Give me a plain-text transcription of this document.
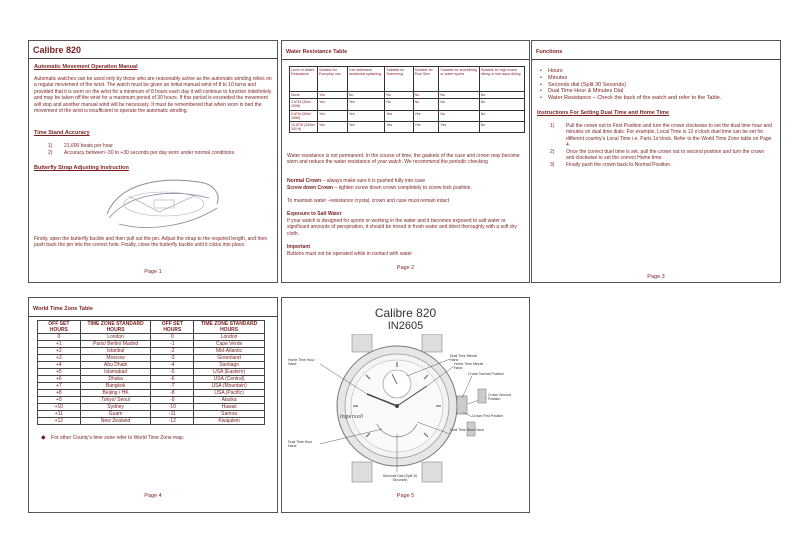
Calibre 820
Automatic Movement Operation Manual
Automatic watches can be used only by those who are reasonably active as the automatic winding relies on a regular movement of the wrist. The watch must be given an initial manual wind of 8 to 10 turns and provided that it is worn on the wrist for a minimum of 8 hours each day it will continue to function indefinitely and may be taken off the wrist for a maximum period of 30 hours. If this period is exceeded the movement will stop and another manual wind will be necessary. It must be remembered that when worn in bed the movement of the wrist is insufficient to operate the automatic winding.
Time Stand Accuracy
1) 21,600 beats per hour
2) Accuracy between -30 to +30 seconds per day worn under normal conditions.
Butterfly Strap Adjusting Instruction
Firstly, open the butterfly buckle and then pull out the pin. Adjust the strap to the required length, and then push back the pin into the correct hole. Finally, close the butterfly buckle until it clicks into place.
Page 1
Water Resistance Table
Level of Water Resistance	Suitable for Everyday use	Can withstand accidental splashing	Suitable for Swimming	Suitable for Pool Size	Suitable for snorkelling or water sports	Suitable for high board diving or sub aqua diving
None	Yes	No	No	No	No	No
3 ATM (30m/ 100ft)	Yes	Yes	No	No	No	No
5 ATM (50m/ 165ft)	Yes	Yes	Yes	Yes	No	No
10 ATM (100m/ 300 ft)	Yes	Yes	Yes	Yes	Yes	No
Water resistance is not permanent. In the course of time, the gaskets of the case and crown may become worn and reduce the water resistance of your watch. We recommend the periodic checking
Normal Crown – always make sure it is pushed fully into case
Screw down Crown – tighten screw down crown completely to screw lock position.
To maintain water –resistance crystal, crown and case must remain intact
Exposure to Salt Water
If your watch is designed for sports or working in the water and it becomes exposed to salt water or significant amounts of perspiration, it should be rinsed in fresh water and dried thoroughly with a soft dry cloth.
Important
Buttons must not be operated while in contact with water
Page 2
Functions
• Hours
• Minutes
• Seconds dial (Split 30 Seconds)
• Dual Time Hour & Minutes Dial
• Water Resistance – Check the back of the watch and refer to the Table.
Instructions For Setting Dual Time and Home Time
1) Pull the crown out to First Position and turn the crown clockwise to set the dual time hour and minutes on dual time dials. For example, Local Time is 12 o'clock duel time can be set for different country's Local Time i.e. Paris 1o'clock. Refer to the World Time Zone table on Page 4.
2) Once the correct duel time is set, pull the crown out to second position and turn the crown anti-clockwise to set the correct Home time.
3) Finally push the crown back to Normal Position.
Page 3
World Time Zone Table
OFF SET HOURS	TIME ZONE STANDARD HOURS	OFF SET HOURS	TIME ZONE STANDARD HOURS
0	London	0	London
+1	Paris/ Berlin/ Madrid	-1	Cape Verde
+2	Istanbul	-2	Mid-Atlantic
+3	Moscow	-3	Greenland
+4	Abu Dhabi	-4	Santiago
+5	Islamabad	-5	USA (Eastern)
+6	Dhaka	-6	USA (Central)
+7	Bangkok	-7	USA (Mountain)
+8	Beijing / HK	-8	USA (Pacific)
+9	Tokyo/ Seoul	-9	Alaska
+10	Sydney	-10	Hawaii
+11	Guam	-11	Samoa
+12	New Zealand	-12	Kwajalein
◆ For other County's time zone refer to World Time Zone map.
Page 4
Calibre 820
IN2605
Ingersoll
Home Time Hour Hand
Dual Time Minute Hand
Home Time Minute Hand
Crown Normal Position
Crown Second Position
Crown First Position
Dual Time Hour Hand
Dual Time Hour Hand
Seconds Dial (Split 30 Seconds)
Page 5
